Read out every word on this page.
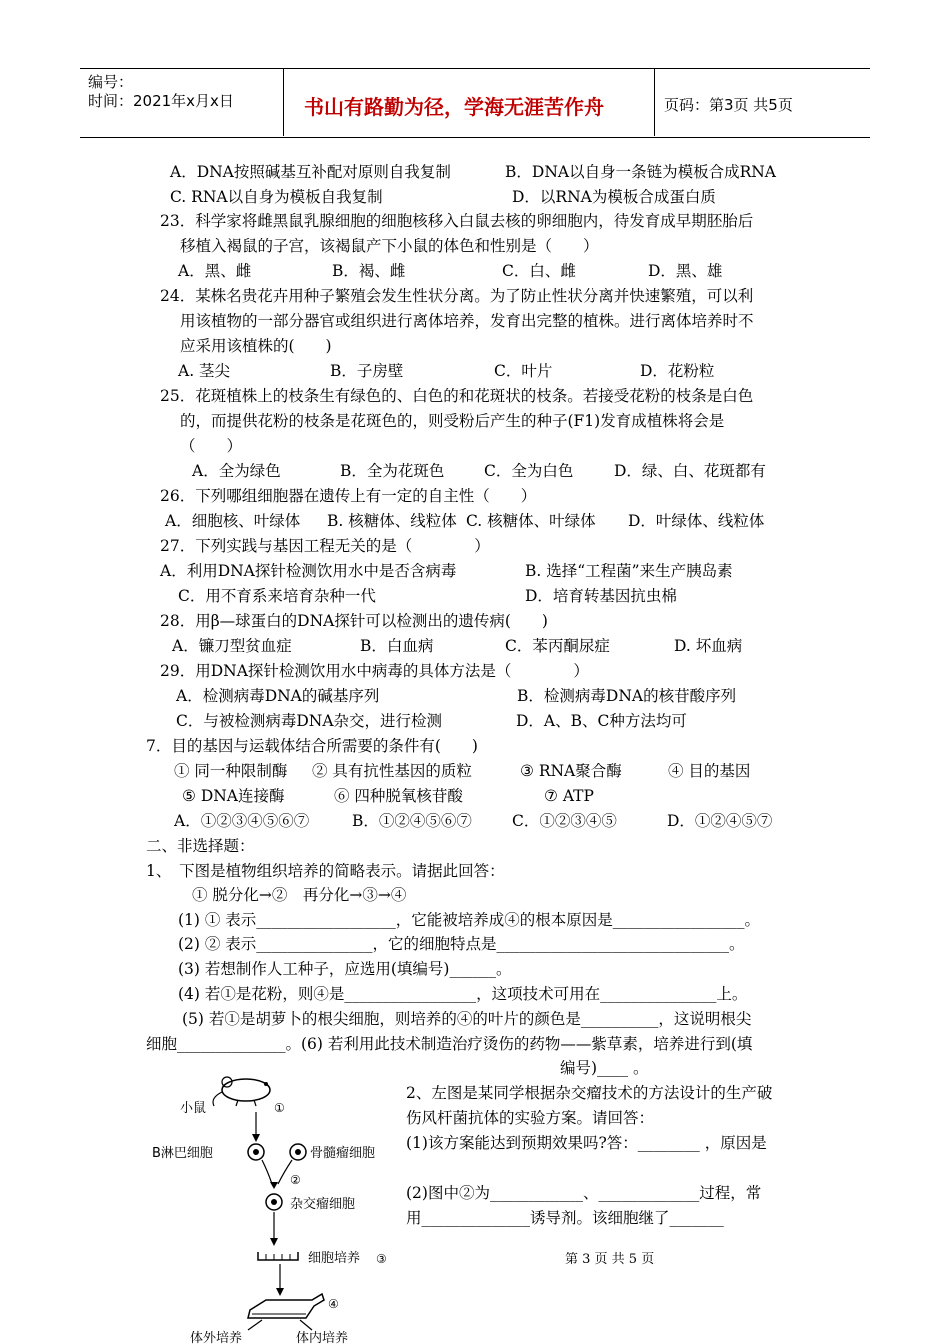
编号：
时间：2021年x月x日	书山有路勤为径，学海无涯苦作舟	页码：第3页 共5页
A．DNA按照碱基互补配对原则自我复制	B．DNA以自身一条链为模板合成RNA
C. RNA以自身为模板自我复制	D．以RNA为模板合成蛋白质
23．科学家将雌黑鼠乳腺细胞的细胞核移入白鼠去核的卵细胞内，待发育成早期胚胎后
移植入褐鼠的子宫，该褐鼠产下小鼠的体色和性别是（　　）
A．黑、雌	B．褐、雌	C．白、雌	D．黑、雄
24．某株名贵花卉用种子繁殖会发生性状分离。为了防止性状分离并快速繁殖，可以利
用该植物的一部分器官或组织进行离体培养，发育出完整的植株。进行离体培养时不
应采用该植株的(　　)
A. 茎尖	B．子房壁	C．叶片	D．花粉粒
25．花斑植株上的枝条生有绿色的、白色的和花斑状的枝条。若接受花粉的枝条是白色
的，而提供花粉的枝条是花斑色的，则受粉后产生的种子(F1)发育成植株将会是
（　　）
A．全为绿色	B．全为花斑色	C．全为白色	D．绿、白、花斑都有
26．下列哪组细胞器在遗传上有一定的自主性（　　）
A．细胞核、叶绿体 B. 核糖体、线粒体 C. 核糖体、叶绿体 D．叶绿体、线粒体
27．下列实践与基因工程无关的是（　　　　）
A．利用DNA探针检测饮用水中是否含病毒	B. 选择“工程菌”来生产胰岛素
C．用不育系来培育杂种一代	D．培育转基因抗虫棉
28．用β—球蛋白的DNA探针可以检测出的遗传病(　　)
A．镰刀型贫血症	B．白血病	C．苯丙酮尿症	D. 坏血病
29．用DNA探针检测饮用水中病毒的具体方法是（　　　　）
A．检测病毒DNA的碱基序列	B．检测病毒DNA的核苷酸序列
C．与被检测病毒DNA杂交，进行检测	D．A、B、C种方法均可
7．目的基因与运载体结合所需要的条件有(　　)
① 同一种限制酶 ② 具有抗性基因的质粒	③ RNA聚合酶	④ 目的基因
⑤ DNA连接酶	⑥ 四种脱氧核苷酸	⑦ ATP
A．①②③④⑤⑥⑦	B．①②④⑤⑥⑦	C．①②③④⑤	D．①②④⑤⑦
二、非选择题：
1、　下图是植物组织培养的简略表示。请据此回答：
① 脱分化→②　再分化→③→④
(1) ① 表示__________________，它能被培养成④的根本原因是_________________。
(2) ② 表示_______________，它的细胞特点是______________________________。
(3) 若想制作人工种子，应选用(填编号)______。
(4) 若①是花粉，则④是_________________，这项技术可用在_______________上。
(5) 若①是胡萝卜的根尖细胞，则培养的④的叶片的颜色是__________，这说明根尖
细胞______________。(6) 若利用此技术制造治疗烫伤的药物——紫草素，培养进行到(填
编号)____ 。
2、左图是某同学根据杂交瘤技术的方法设计的生产破
伤风杆菌抗体的实验方案。请回答：
(1)该方案能达到预期效果吗?答：________ ，原因是
(2)图中②为____________、_____________过程，常
用______________诱导剂。该细胞继了_______
第 3 页 共 5 页
小鼠	①
B淋巴细胞	骨髓瘤细胞
②
杂交瘤细胞
细胞培养
④
体外培养	体内培养
③
